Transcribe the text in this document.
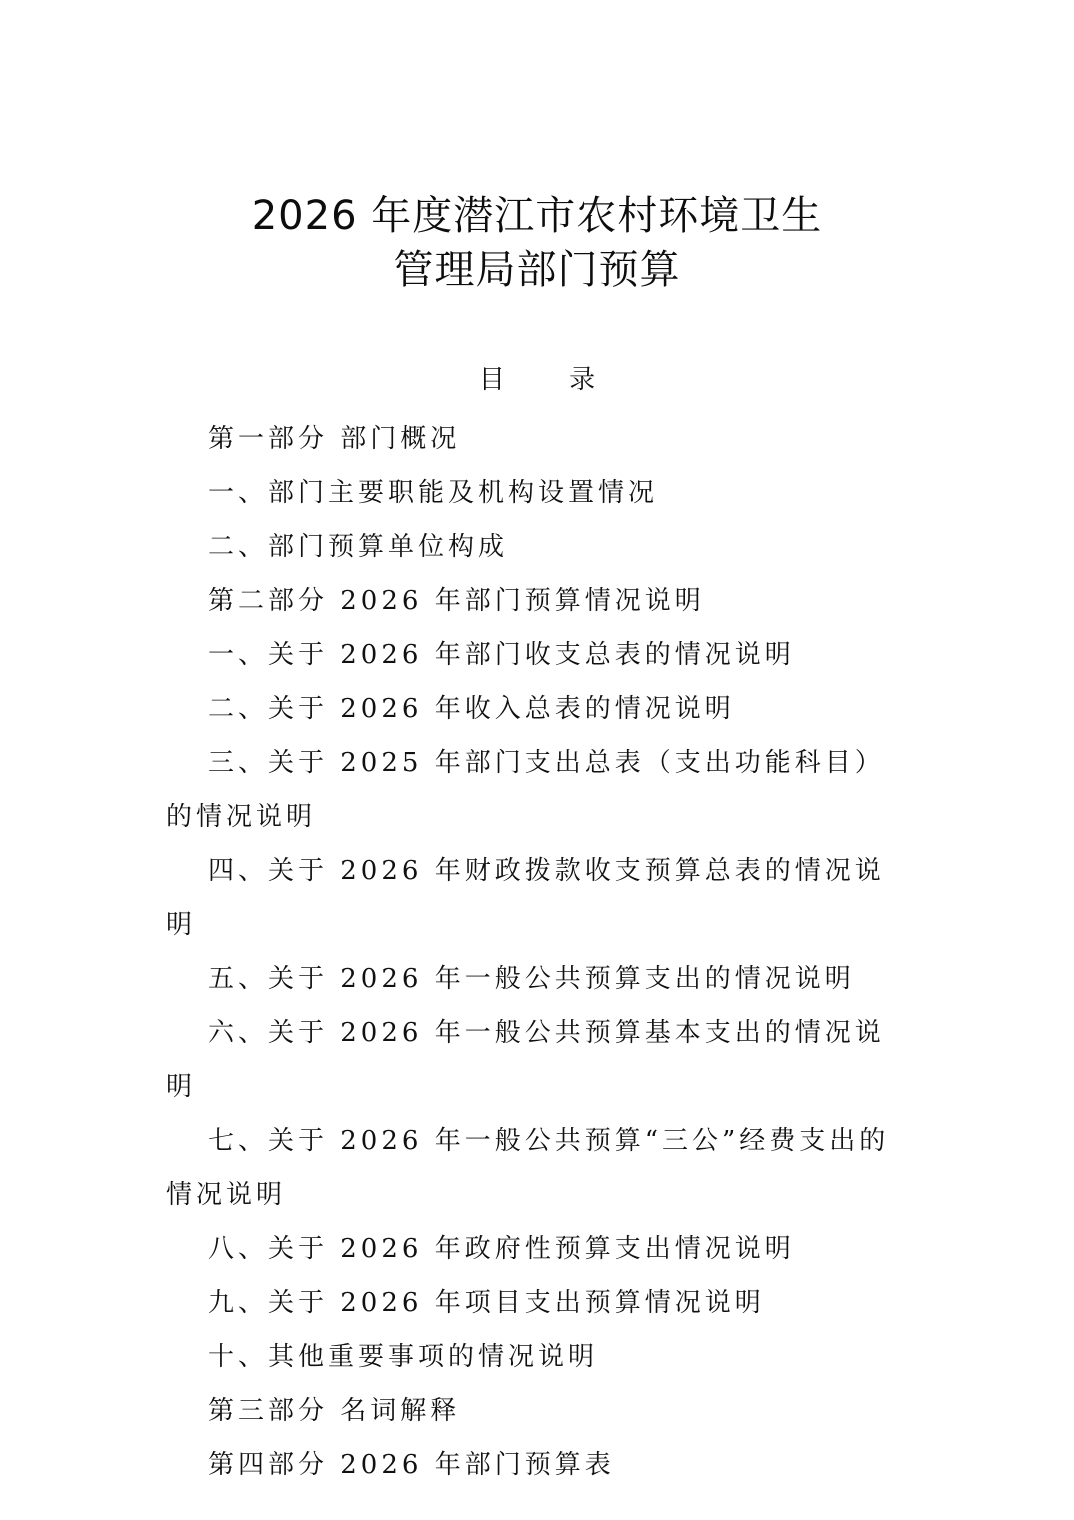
2026 年度潜江市农村环境卫生
管理局部门预算
目 录
第一部分 部门概况
一、部门主要职能及机构设置情况
二、部门预算单位构成
第二部分 2026 年部门预算情况说明
一、关于 2026 年部门收支总表的情况说明
二、关于 2026 年收入总表的情况说明
三、关于 2025 年部门支出总表（支出功能科目）的情况说明
四、关于 2026 年财政拨款收支预算总表的情况说明
五、关于 2026 年一般公共预算支出的情况说明
六、关于 2026 年一般公共预算基本支出的情况说明
七、关于 2026 年一般公共预算“三公”经费支出的情况说明
八、关于 2026 年政府性预算支出情况说明
九、关于 2026 年项目支出预算情况说明
十、其他重要事项的情况说明
第三部分 名词解释
第四部分 2026 年部门预算表
